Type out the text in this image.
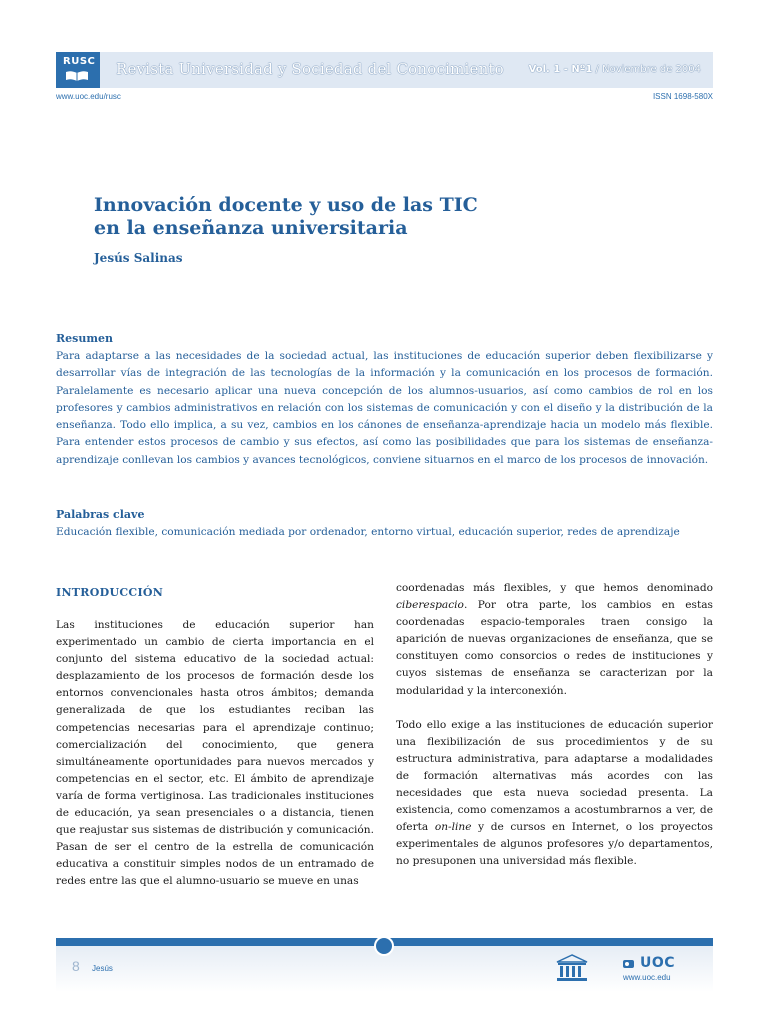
RUSC Revista Universidad y Sociedad del Conocimiento Vol. 1 - Nº1 / Noviembre de 2004
www.uoc.edu/rusc	ISSN 1698-580X
Innovación docente y uso de las TIC
en la enseñanza universitaria
Jesús Salinas
Resumen

Para adaptarse a las necesidades de la sociedad actual, las instituciones de educación superior deben flexibilizarse y desarrollar vías de integración de las tecnologías de la información y la comunicación en los procesos de formación. Paralelamente es necesario aplicar una nueva concepción de los alumnos-usuarios, así como cambios de rol en los profesores y cambios administrativos en relación con los sistemas de comunicación y con el diseño y la distribución de la enseñanza. Todo ello implica, a su vez, cambios en los cánones de enseñanza-aprendizaje hacia un modelo más flexible. Para entender estos procesos de cambio y sus efectos, así como las posibilidades que para los sistemas de enseñanza-aprendizaje conllevan los cambios y avances tecnológicos, conviene situarnos en el marco de los procesos de innovación.

Palabras clave

Educación flexible, comunicación mediada por ordenador, entorno virtual, educación superior, redes de aprendizaje

INTRODUCCIÓN

Las instituciones de educación superior han experimentado un cambio de cierta importancia en el conjunto del sistema educativo de la sociedad actual: desplazamiento de los procesos de formación desde los entornos convencionales hasta otros ámbitos; demanda generalizada de que los estudiantes reciban las competencias necesarias para el aprendizaje continuo; comercialización del conocimiento, que genera simultáneamente oportunidades para nuevos mercados y competencias en el sector, etc. El ámbito de aprendizaje varía de forma vertiginosa. Las tradicionales instituciones de educación, ya sean presenciales o a distancia, tienen que reajustar sus sistemas de distribución y comunicación. Pasan de ser el centro de la estrella de comunicación educativa a constituir simples nodos de un entramado de redes entre las que el alumno-usuario se mueve en unas

coordenadas más flexibles, y que hemos denominado ciberespacio. Por otra parte, los cambios en estas coordenadas espacio-temporales traen consigo la aparición de nuevas organizaciones de enseñanza, que se constituyen como consorcios o redes de instituciones y cuyos sistemas de enseñanza se caracterizan por la modularidad y la interconexión.

Todo ello exige a las instituciones de educación superior una flexibilización de sus procedimientos y de su estructura administrativa, para adaptarse a modalidades de formación alternativas más acordes con las necesidades que esta nueva sociedad presenta. La existencia, como comenzamos a acostumbrarnos a ver, de oferta on-line y de cursos en Internet, o los proyectos experimentales de algunos profesores y/o departamentos, no presuponen una universidad más flexible.

8 Jesús	UOC
www.uoc.edu
